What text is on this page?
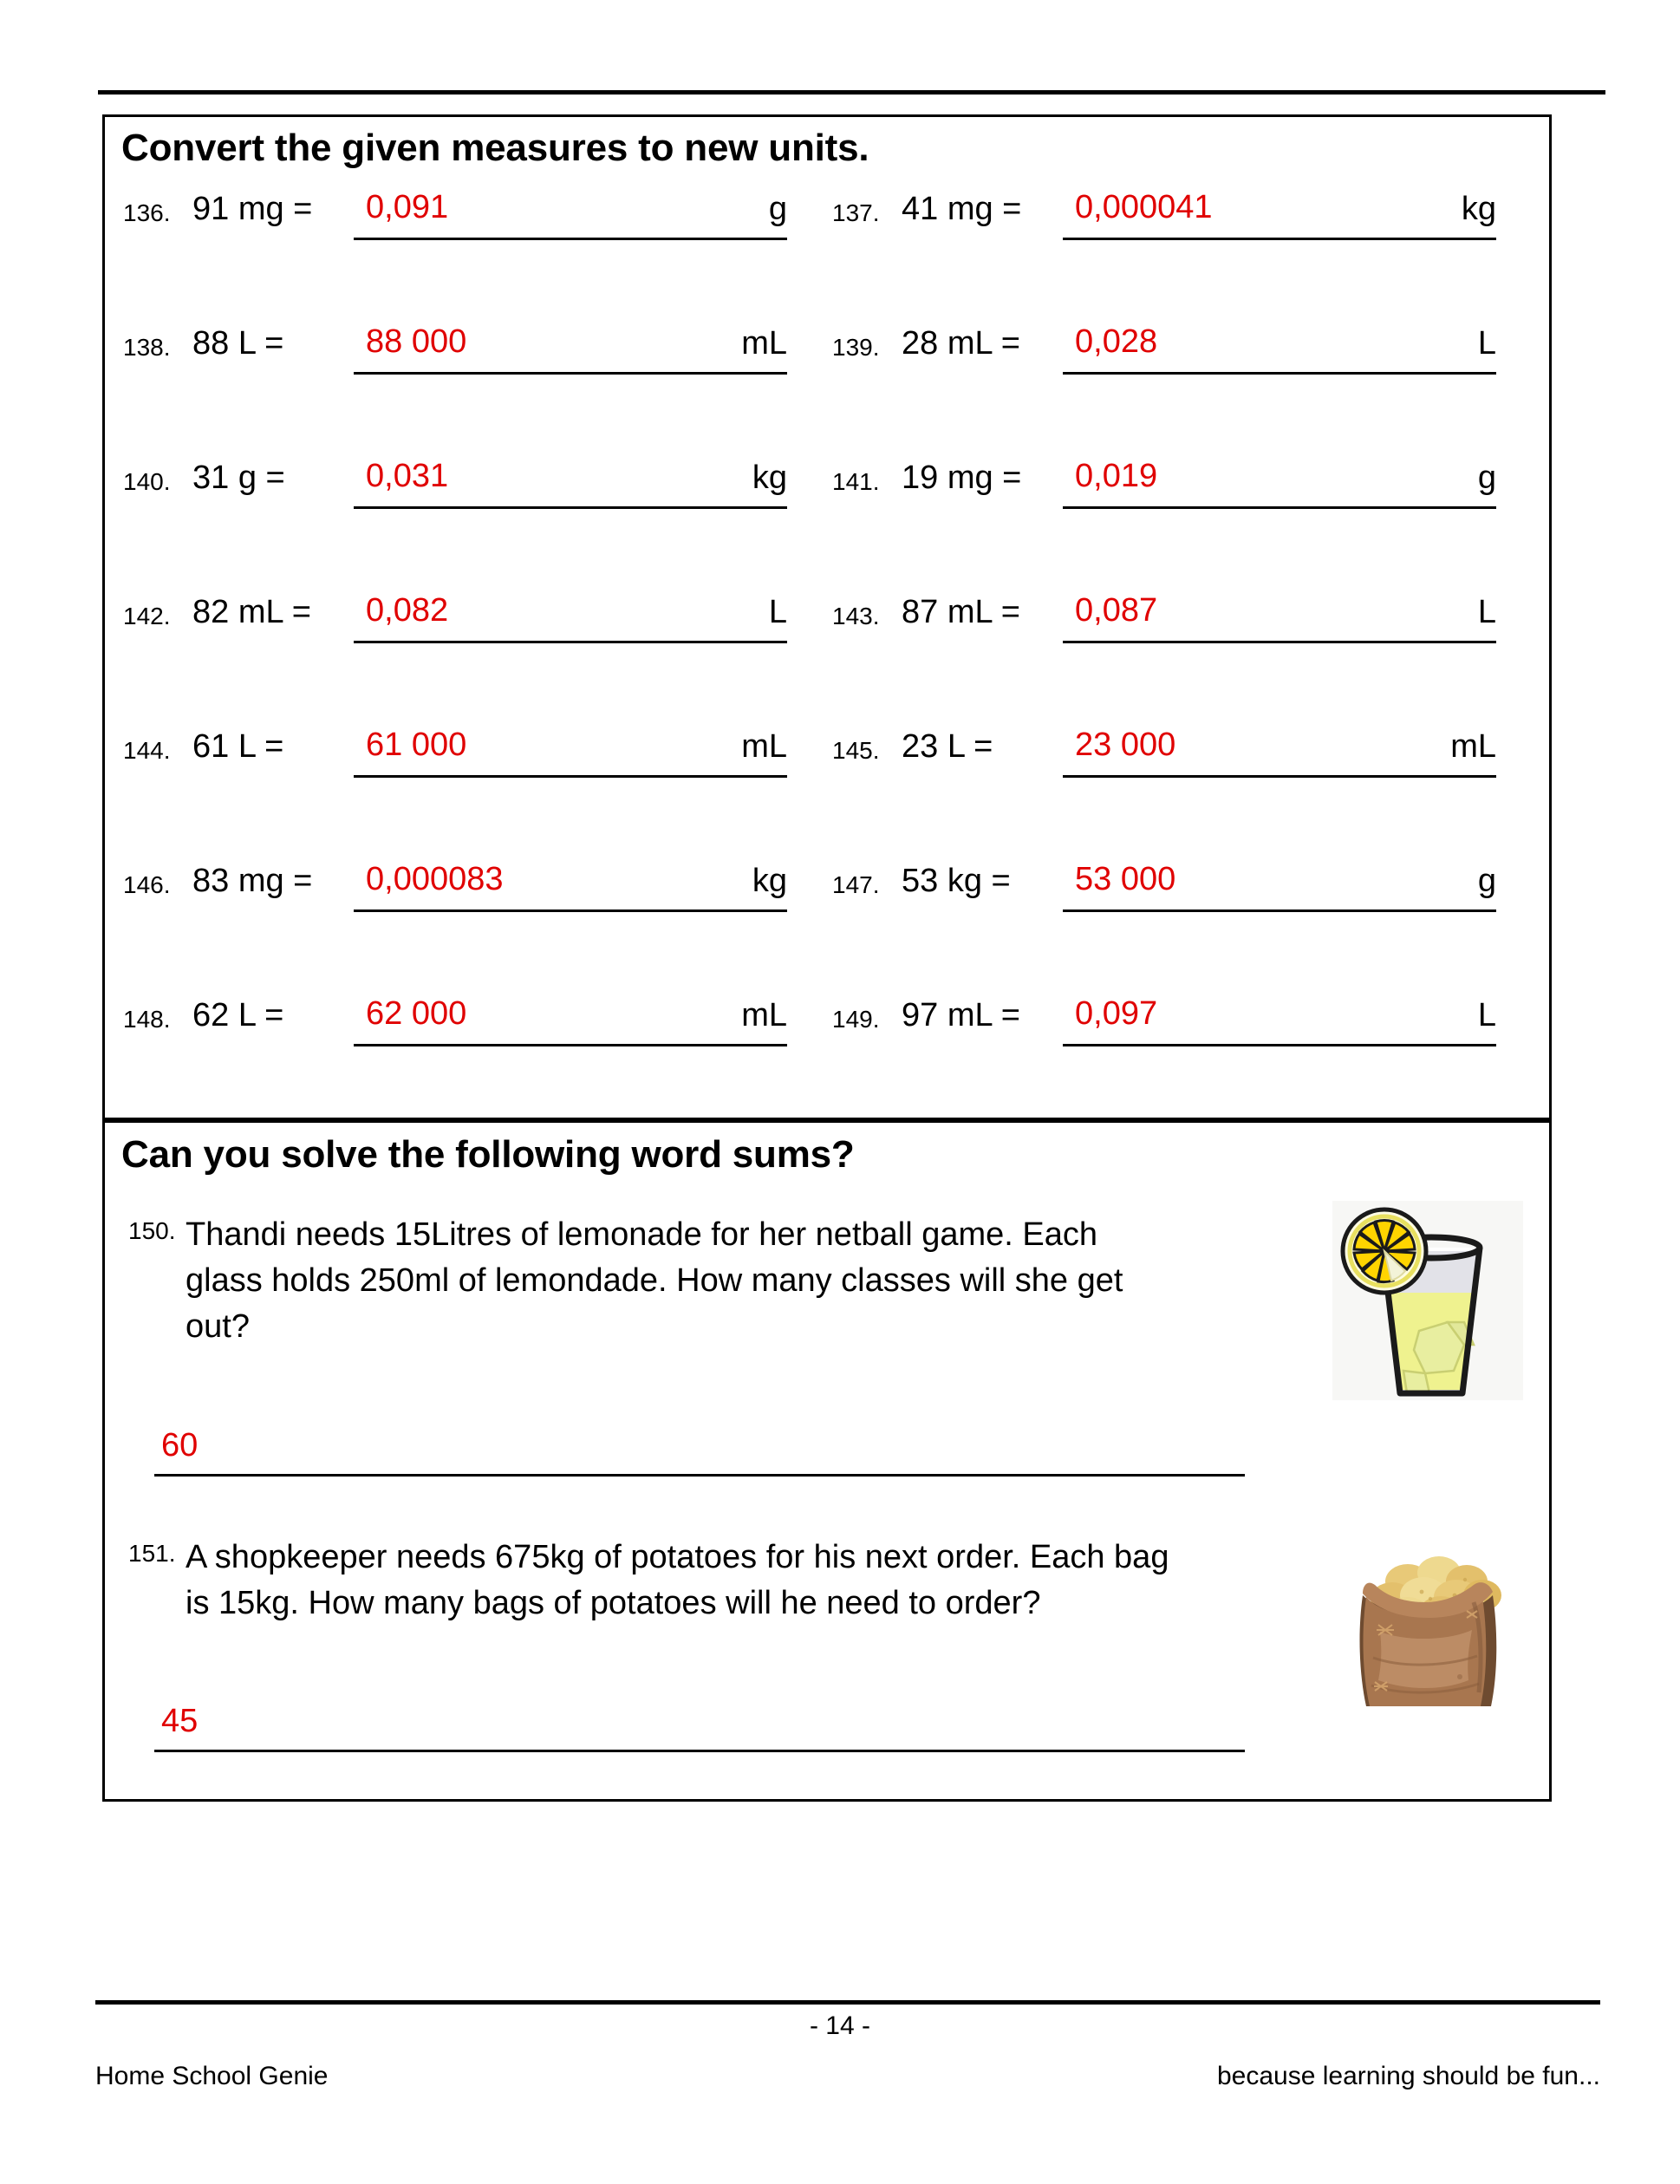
Convert the given measures to new units.
136. 91 mg = 0,091	g 137. 41 mg = 0,000041	kg
138. 88 L = 88 000	mL 139. 28 mL = 0,028	L
140. 31 g = 0,031	kg 141. 19 mg = 0,019	g
142. 82 mL = 0,082	L 143. 87 mL = 0,087	L
144. 61 L = 61 000	mL 145. 23 L = 23 000	mL
146. 83 mg = 0,000083	kg 147. 53 kg = 53 000	g
148. 62 L = 62 000	mL 149. 97 mL = 0,097	L
Can you solve the following word sums?
150. Thandi needs 15Litres of lemonade for her netball game. Each glass holds 250ml of lemondade. How many classes will she get out?
60
151. A shopkeeper needs 675kg of potatoes for his next order. Each bag is 15kg. How many bags of potatoes will he need to order?
45
- 14 -
Home School Genie	because learning should be fun...
